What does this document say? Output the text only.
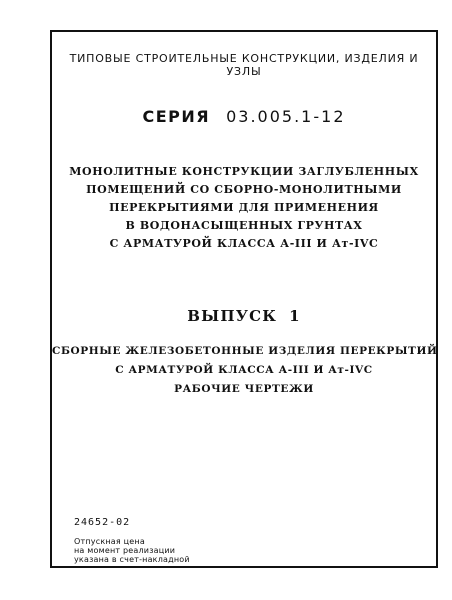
ТИПОВЫЕ СТРОИТЕЛЬНЫЕ КОНСТРУКЦИИ, ИЗДЕЛИЯ И УЗЛЫ
СЕРИЯ 03.005.1-12
МОНОЛИТНЫЕ КОНСТРУКЦИИ ЗАГЛУБЛЕННЫХ
ПОМЕЩЕНИЙ СО СБОРНО-МОНОЛИТНЫМИ
ПЕРЕКРЫТИЯМИ ДЛЯ ПРИМЕНЕНИЯ
В ВОДОНАСЫЩЕННЫХ ГРУНТАХ
С АРМАТУРОЙ КЛАССА А-III И Ат-IVС
ВЫПУСК 1
СБОРНЫЕ ЖЕЛЕЗОБЕТОННЫЕ ИЗДЕЛИЯ ПЕРЕКРЫТИЙ
С АРМАТУРОЙ КЛАССА А-III И Ат-IVС
РАБОЧИЕ ЧЕРТЕЖИ
24652-02
Отпускная цена
на момент реализации
указана в счет-накладной
